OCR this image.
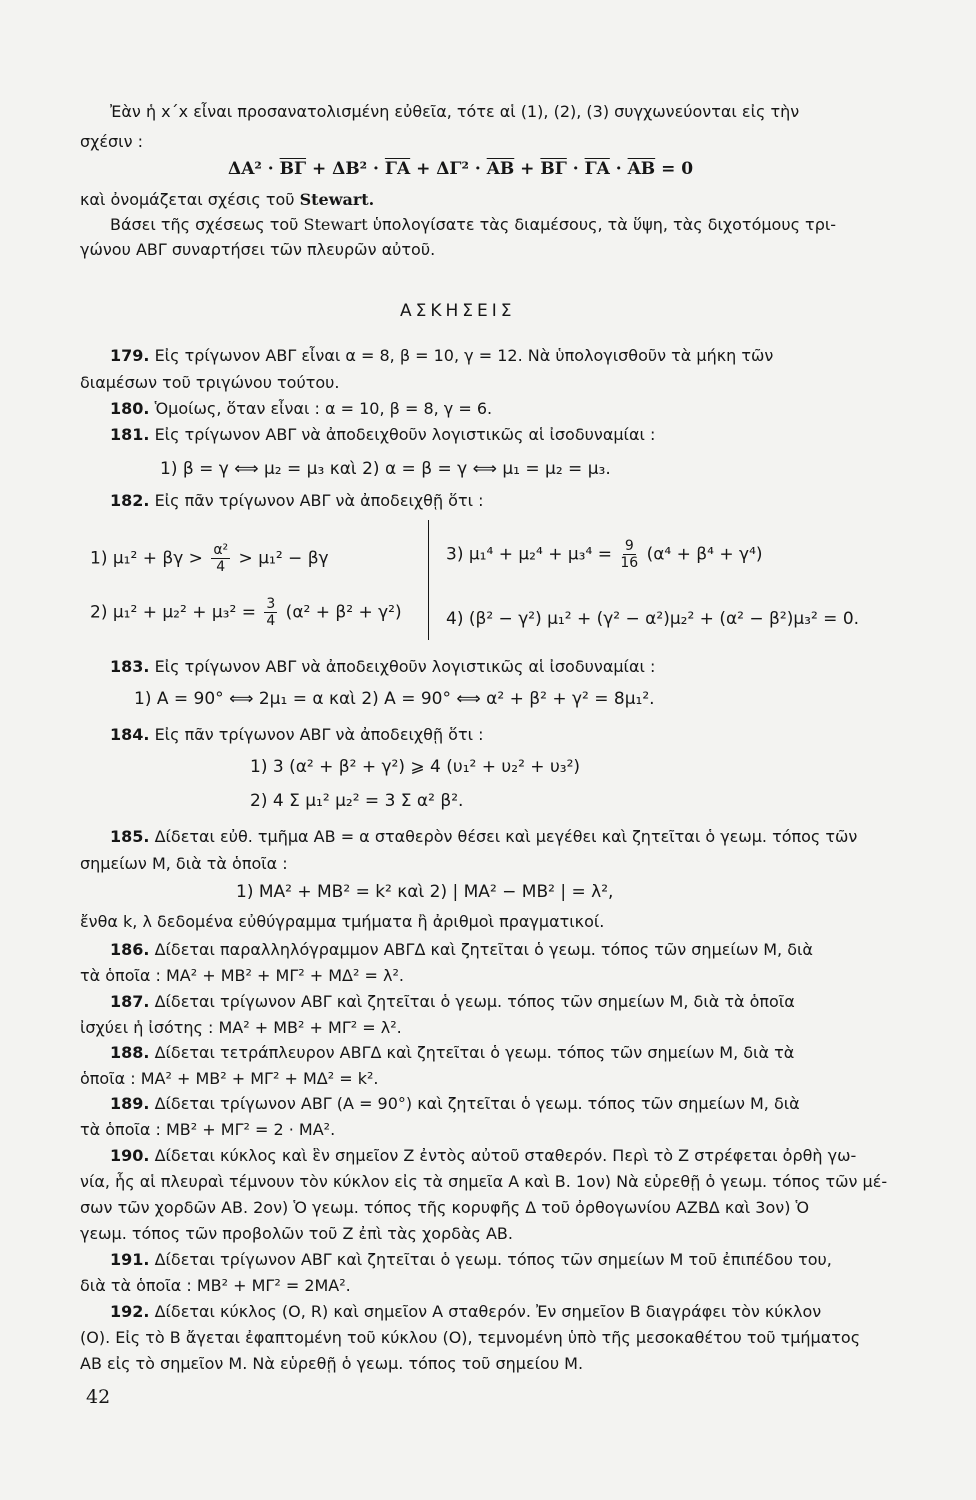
Ἐὰν ἡ x΄x εἶναι προσανατολισμένη εὐθεῖα, τότε αἱ (1), (2), (3) συγχωνεύονται εἰς τὴν
σχέσιν :
$\Delta A^2 \cdot \overline{B\Gamma} + \Delta B^2 \cdot \overline{\Gamma A} + \Delta\Gamma^2 \cdot \overline{AB} + \overline{B\Gamma} \cdot \overline{\Gamma A} \cdot \overline{AB} = 0$
καὶ ὀνομάζεται σχέσις τοῦ Stewart.
Βάσει τῆς σχέσεως τοῦ Stewart ὑπολογίσατε τὰς διαμέσους, τὰ ὕψη, τὰς διχοτόμους τρι-
γώνου ΑΒΓ συναρτήσει τῶν πλευρῶν αὐτοῦ.
ΑΣΚΗΣΕΙΣ
179. Εἰς τρίγωνον ΑΒΓ εἶναι α = 8, β = 10, γ = 12. Νὰ ὑπολογισθοῦν τὰ μήκη τῶν
διαμέσων τοῦ τριγώνου τούτου.
180. Ὁμοίως, ὅταν εἶναι : α = 10, β = 8, γ = 6.
181. Εἰς τρίγωνον ΑΒΓ νὰ ἀποδειχθοῦν λογιστικῶς αἱ ἰσοδυναμίαι :
1) β = γ ⟺ μ₂ = μ₃ καὶ 2) α = β = γ ⟺ μ₁ = μ₂ = μ₃.
182. Εἰς πᾶν τρίγωνον ΑΒΓ νὰ ἀποδειχθῇ ὅτι :
1) $\mu_1^2 + \beta\gamma > \frac{\text{α²}}{4} > \mu_1^2 - \beta\gamma$
2) $\mu_1^2 + \mu_2^2 + \mu_3^2 = \frac{3}{4} (\alpha^2 + \beta^2 + \gamma^2)$
3) $\mu_1^4 + \mu_2^4 + \mu_3^4 = \frac{9}{16} (\alpha^4 + \beta^4 + \gamma^4)$
4) (β² − γ²) μ₁² + (γ² − α²)μ₂² + (α² − β²)μ₃² = 0.
183. Εἰς τρίγωνον ΑΒΓ νὰ ἀποδειχθοῦν λογιστικῶς αἱ ἰσοδυναμίαι :
1) Α = 90° ⟺ 2μ₁ = α καὶ 2) Α = 90° ⟺ α² + β² + γ² = 8μ₁².
184. Εἰς πᾶν τρίγωνον ΑΒΓ νὰ ἀποδειχθῇ ὅτι :
1) 3 (α² + β² + γ²) ⩾ 4 (υ₁² + υ₂² + υ₃²)
2) 4 Σ μ₁² μ₂² = 3 Σ α² β².
185. Δίδεται εὐθ. τμῆμα ΑΒ = α σταθερὸν θέσει καὶ μεγέθει καὶ ζητεῖται ὁ γεωμ. τόπος τῶν
σημείων Μ, διὰ τὰ ὁποῖα :
1) ΜΑ² + ΜΒ² = k² καὶ 2) | ΜΑ² − ΜΒ² | = λ²,
ἔνθα k, λ δεδομένα εὐθύγραμμα τμήματα ἢ ἀριθμοὶ πραγματικοί.
186. Δίδεται παραλληλόγραμμον ΑΒΓΔ καὶ ζητεῖται ὁ γεωμ. τόπος τῶν σημείων Μ, διὰ
τὰ ὁποῖα : ΜΑ² + ΜΒ² + ΜΓ² + ΜΔ² = λ².
187. Δίδεται τρίγωνον ΑΒΓ καὶ ζητεῖται ὁ γεωμ. τόπος τῶν σημείων Μ, διὰ τὰ ὁποῖα
ἰσχύει ἡ ἰσότης : ΜΑ² + ΜΒ² + ΜΓ² = λ².
188. Δίδεται τετράπλευρον ΑΒΓΔ καὶ ζητεῖται ὁ γεωμ. τόπος τῶν σημείων Μ, διὰ τὰ
ὁποῖα : ΜΑ² + ΜΒ² + ΜΓ² + ΜΔ² = k².
189. Δίδεται τρίγωνον ΑΒΓ (Α = 90°) καὶ ζητεῖται ὁ γεωμ. τόπος τῶν σημείων Μ, διὰ
τὰ ὁποῖα : ΜΒ² + ΜΓ² = 2 · ΜΑ².
190. Δίδεται κύκλος καὶ ἓν σημεῖον Ζ ἐντὸς αὐτοῦ σταθερόν. Περὶ τὸ Ζ στρέφεται ὀρθὴ γω-
νία, ἧς αἱ πλευραὶ τέμνουν τὸν κύκλον εἰς τὰ σημεῖα Α καὶ Β. 1ον) Νὰ εὑρεθῇ ὁ γεωμ. τόπος τῶν μέ-
σων τῶν χορδῶν ΑΒ. 2ον) Ὁ γεωμ. τόπος τῆς κορυφῆς Δ τοῦ ὀρθογωνίου ΑΖΒΔ καὶ 3ον) Ὁ
γεωμ. τόπος τῶν προβολῶν τοῦ Ζ ἐπὶ τὰς χορδὰς ΑΒ.
191. Δίδεται τρίγωνον ΑΒΓ καὶ ζητεῖται ὁ γεωμ. τόπος τῶν σημείων Μ τοῦ ἐπιπέδου του,
διὰ τὰ ὁποῖα : ΜΒ² + ΜΓ² = 2ΜΑ².
192. Δίδεται κύκλος (Ο, R) καὶ σημεῖον Α σταθερόν. Ἐν σημεῖον Β διαγράφει τὸν κύκλον
(Ο). Εἰς τὸ Β ἄγεται ἐφαπτομένη τοῦ κύκλου (Ο), τεμνομένη ὑπὸ τῆς μεσοκαθέτου τοῦ τμήματος
ΑΒ εἰς τὸ σημεῖον Μ. Νὰ εὑρεθῇ ὁ γεωμ. τόπος τοῦ σημείου Μ.
42
